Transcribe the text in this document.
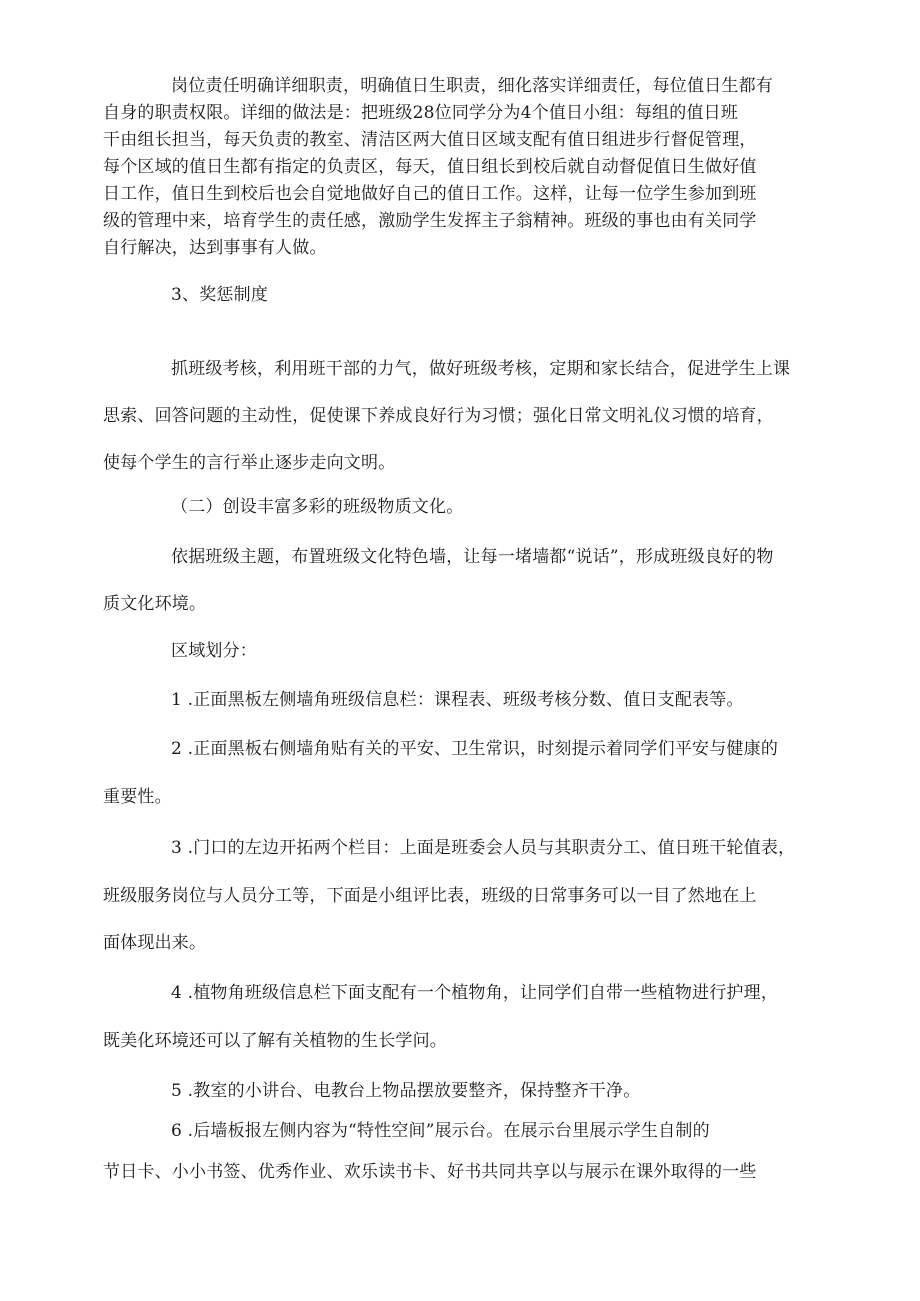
岗位责任明确详细职责，明确值日生职责，细化落实详细责任，每位值日生都有
自身的职责权限。详细的做法是：把班级28位同学分为4个值日小组：每组的值日班
干由组长担当，每天负责的教室、清洁区两大值日区域支配有值日组进步行督促管理，
每个区域的值日生都有指定的负责区，每天，值日组长到校后就自动督促值日生做好值
日工作，值日生到校后也会自觉地做好自己的值日工作。这样，让每一位学生参加到班
级的管理中来，培育学生的责任感，激励学生发挥主子翁精神。班级的事也由有关同学
自行解决，达到事事有人做。
3、奖惩制度
抓班级考核，利用班干部的力气，做好班级考核，定期和家长结合，促进学生上课
思索、回答问题的主动性，促使课下养成良好行为习惯；强化日常文明礼仪习惯的培育，
使每个学生的言行举止逐步走向文明。
（二）创设丰富多彩的班级物质文化。
依据班级主题，布置班级文化特色墙，让每一堵墙都“说话”，形成班级良好的物
质文化环境。
区域划分：
1 .正面黑板左侧墙角班级信息栏：课程表、班级考核分数、值日支配表等。
2 .正面黑板右侧墙角贴有关的平安、卫生常识，时刻提示着同学们平安与健康的
重要性。
3 .门口的左边开拓两个栏目：上面是班委会人员与其职责分工、值日班干轮值表，
班级服务岗位与人员分工等，下面是小组评比表，班级的日常事务可以一目了然地在上
面体现出来。
4 .植物角班级信息栏下面支配有一个植物角，让同学们自带一些植物进行护理，
既美化环境还可以了解有关植物的生长学问。
5 .教室的小讲台、电教台上物品摆放要整齐，保持整齐干净。
6 .后墙板报左侧内容为“特性空间”展示台。在展示台里展示学生自制的
节日卡、小小书签、优秀作业、欢乐读书卡、好书共同共享以与展示在课外取得的一些
